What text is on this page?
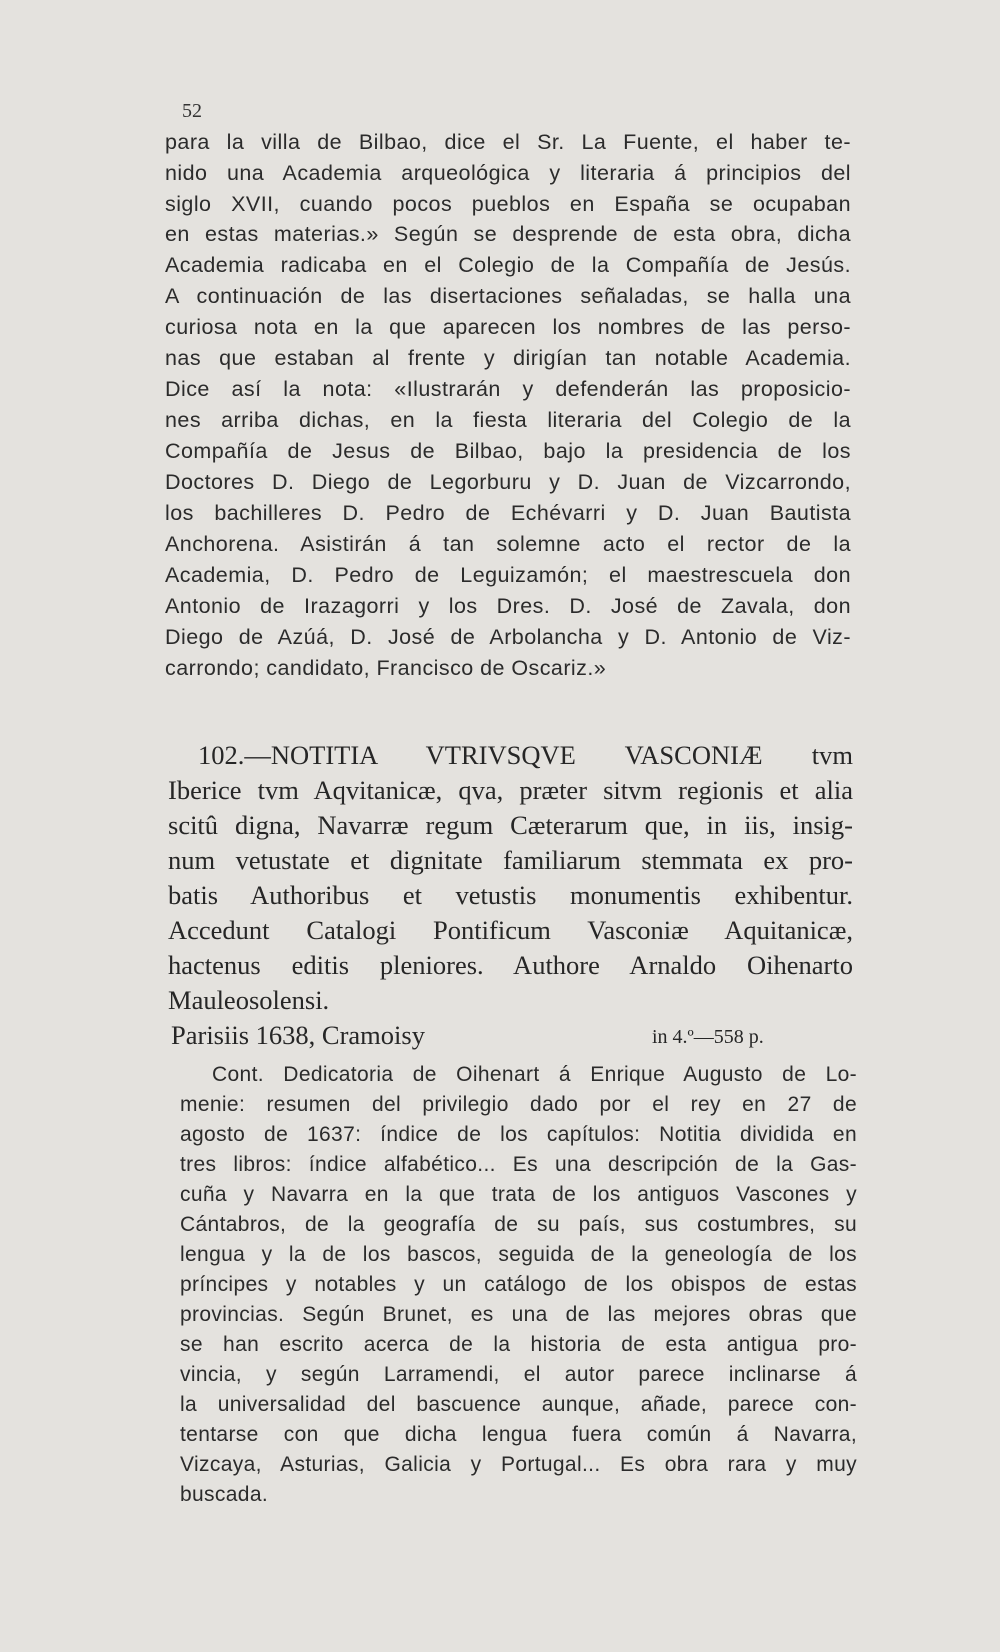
52
para la villa de Bilbao, dice el Sr. La Fuente, el haber te-
nido una Academia arqueológica y literaria á principios del
siglo XVII, cuando pocos pueblos en España se ocupaban
en estas materias.» Según se desprende de esta obra, dicha
Academia radicaba en el Colegio de la Compañía de Jesús.
A continuación de las disertaciones señaladas, se halla una
curiosa nota en la que aparecen los nombres de las perso-
nas que estaban al frente y dirigían tan notable Academia.
Dice así la nota: «Ilustrarán y defenderán las proposicio-
nes arriba dichas, en la fiesta literaria del Colegio de la
Compañía de Jesus de Bilbao, bajo la presidencia de los
Doctores D. Diego de Legorburu y D. Juan de Vizcarrondo,
los bachilleres D. Pedro de Echévarri y D. Juan Bautista
Anchorena. Asistirán á tan solemne acto el rector de la
Academia, D. Pedro de Leguizamón; el maestrescuela don
Antonio de Irazagorri y los Dres. D. José de Zavala, don
Diego de Azúá, D. José de Arbolancha y D. Antonio de Viz-
carrondo; candidato, Francisco de Oscariz.»
102.—NOTITIA VTRIVSQVE VASCONIÆ tvm
Iberice tvm Aqvitanicæ, qva, præter sitvm regionis et alia
scitû digna, Navarræ regum Cæterarum que, in iis, insig-
num vetustate et dignitate familiarum stemmata ex pro-
batis Authoribus et vetustis monumentis exhibentur.
Accedunt Catalogi Pontificum Vasconiæ Aquitanicæ,
hactenus editis pleniores. Authore Arnaldo Oihenarto
Mauleosolensi.
Parisiis 1638, Cramoisy	in 4.º—558 p.
Cont. Dedicatoria de Oihenart á Enrique Augusto de Lo-
menie: resumen del privilegio dado por el rey en 27 de
agosto de 1637: índice de los capítulos: Notitia dividida en
tres libros: índice alfabético... Es una descripción de la Gas-
cuña y Navarra en la que trata de los antiguos Vascones y
Cántabros, de la geografía de su país, sus costumbres, su
lengua y la de los bascos, seguida de la geneología de los
príncipes y notables y un catálogo de los obispos de estas
provincias. Según Brunet, es una de las mejores obras que
se han escrito acerca de la historia de esta antigua pro-
vincia, y según Larramendi, el autor parece inclinarse á
la universalidad del bascuence aunque, añade, parece con-
tentarse con que dicha lengua fuera común á Navarra,
Vizcaya, Asturias, Galicia y Portugal... Es obra rara y muy
buscada.
